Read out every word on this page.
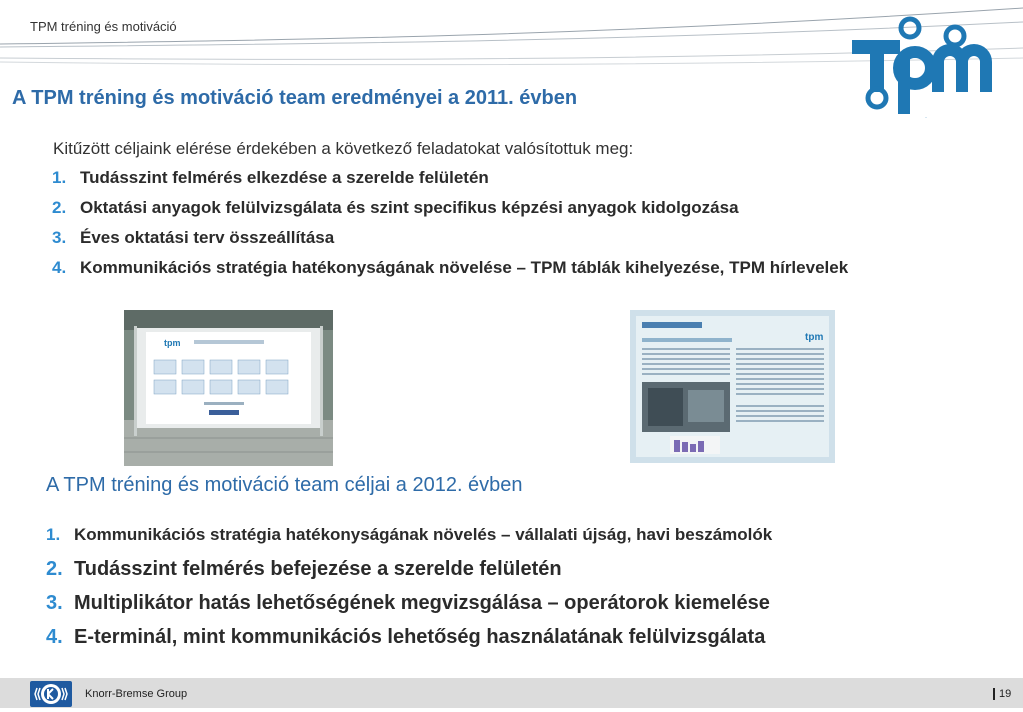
TPM tréning és motiváció
TPM
A TPM tréning és motiváció team eredményei a 2011. évben
Kitűzött céljaink elérése érdekében a következő feladatokat valósítottuk meg:
1. Tudásszint felmérés elkezdése a szerelde felületén
2. Oktatási anyagok felülvizsgálata és szint specifikus képzési anyagok kidolgozása
3. Éves oktatási terv összeállítása
4. Kommunikációs stratégia hatékonyságának növelése – TPM táblák kihelyezése, TPM hírlevelek
tpm	tpm
A TPM tréning és motiváció team céljai a 2012. évben
1. Kommunikációs stratégia hatékonyságának növelés – vállalati újság, havi beszámolók
2. Tudásszint felmérés befejezése a szerelde felületén
3. Multiplikátor hatás lehetőségének megvizsgálása – operátorok kiemelése
4. E-terminál, mint kommunikációs lehetőség használatának felülvizsgálata
Knorr-Bremse Group	19
